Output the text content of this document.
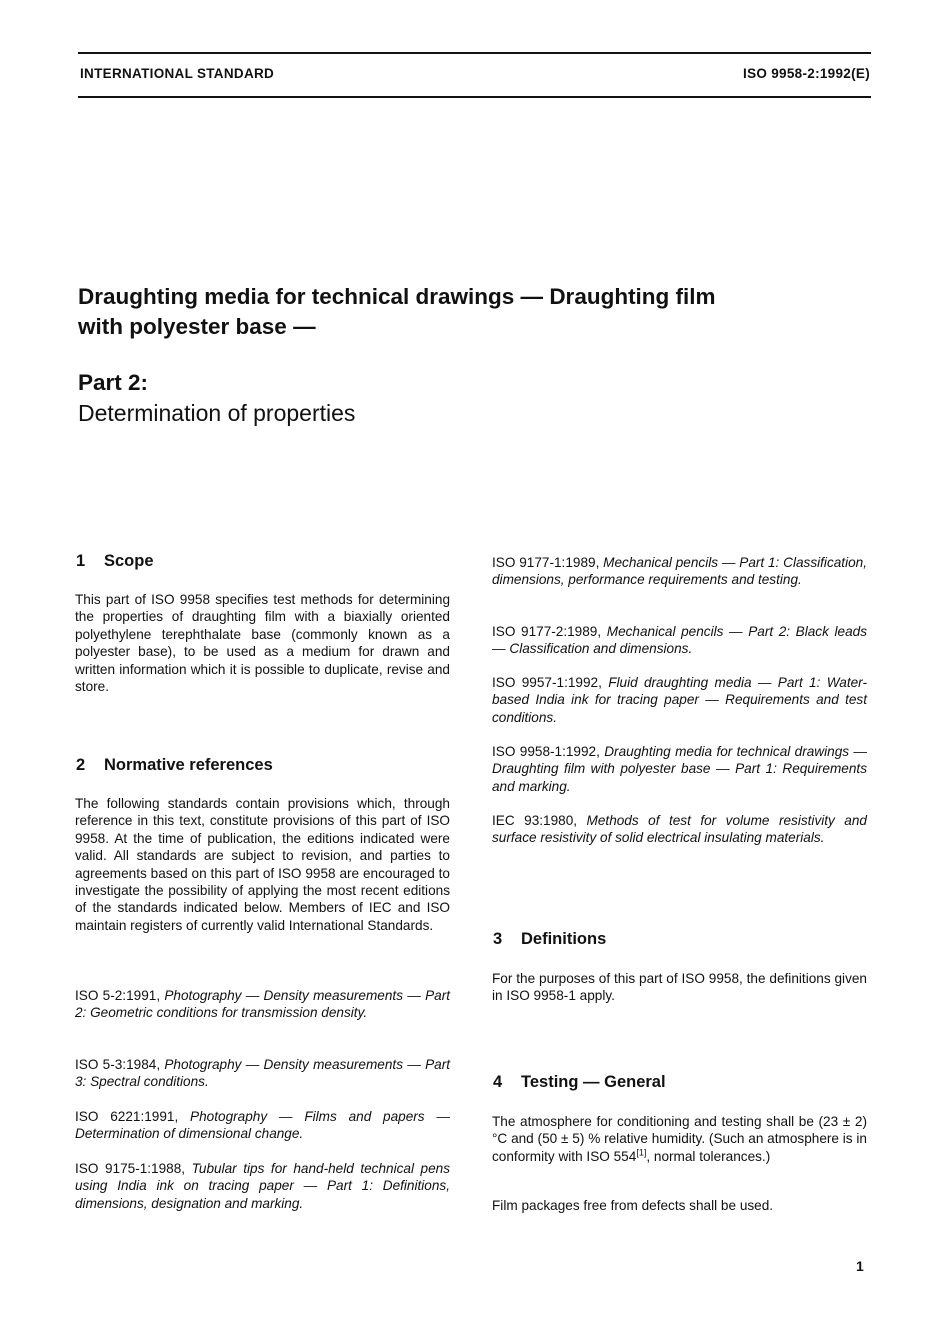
INTERNATIONAL STANDARD	ISO 9958-2:1992(E)
Draughting media for technical drawings — Draughting film
with polyester base —
Part 2:
Determination of properties
1 Scope

This part of ISO 9958 specifies test methods for determining the properties of draughting film with a biaxially oriented polyethylene terephthalate base (commonly known as a polyester base), to be used as a medium for drawn and written information which it is possible to duplicate, revise and store.

2 Normative references

The following standards contain provisions which, through reference in this text, constitute provisions of this part of ISO 9958. At the time of publication, the editions indicated were valid. All standards are subject to revision, and parties to agreements based on this part of ISO 9958 are encouraged to investigate the possibility of applying the most recent editions of the standards indicated below. Members of IEC and ISO maintain registers of currently valid International Standards.

ISO 5-2:1991, Photography — Density measurements — Part 2: Geometric conditions for transmission density.

ISO 5-3:1984, Photography — Density measurements — Part 3: Spectral conditions.

ISO 6221:1991, Photography — Films and papers — Determination of dimensional change.

ISO 9175-1:1988, Tubular tips for hand-held technical pens using India ink on tracing paper — Part 1: Definitions, dimensions, designation and marking.

ISO 9177-1:1989, Mechanical pencils — Part 1: Classification, dimensions, performance requirements and testing.

ISO 9177-2:1989, Mechanical pencils — Part 2: Black leads — Classification and dimensions.

ISO 9957-1:1992, Fluid draughting media — Part 1: Water-based India ink for tracing paper — Requirements and test conditions.

ISO 9958-1:1992, Draughting media for technical drawings — Draughting film with polyester base — Part 1: Requirements and marking.

IEC 93:1980, Methods of test for volume resistivity and surface resistivity of solid electrical insulating materials.

3 Definitions

For the purposes of this part of ISO 9958, the definitions given in ISO 9958-1 apply.

4 Testing — General

The atmosphere for conditioning and testing shall be (23 ± 2) °C and (50 ± 5) % relative humidity. (Such an atmosphere is in conformity with ISO 554[1], normal tolerances.)

Film packages free from defects shall be used.

1
